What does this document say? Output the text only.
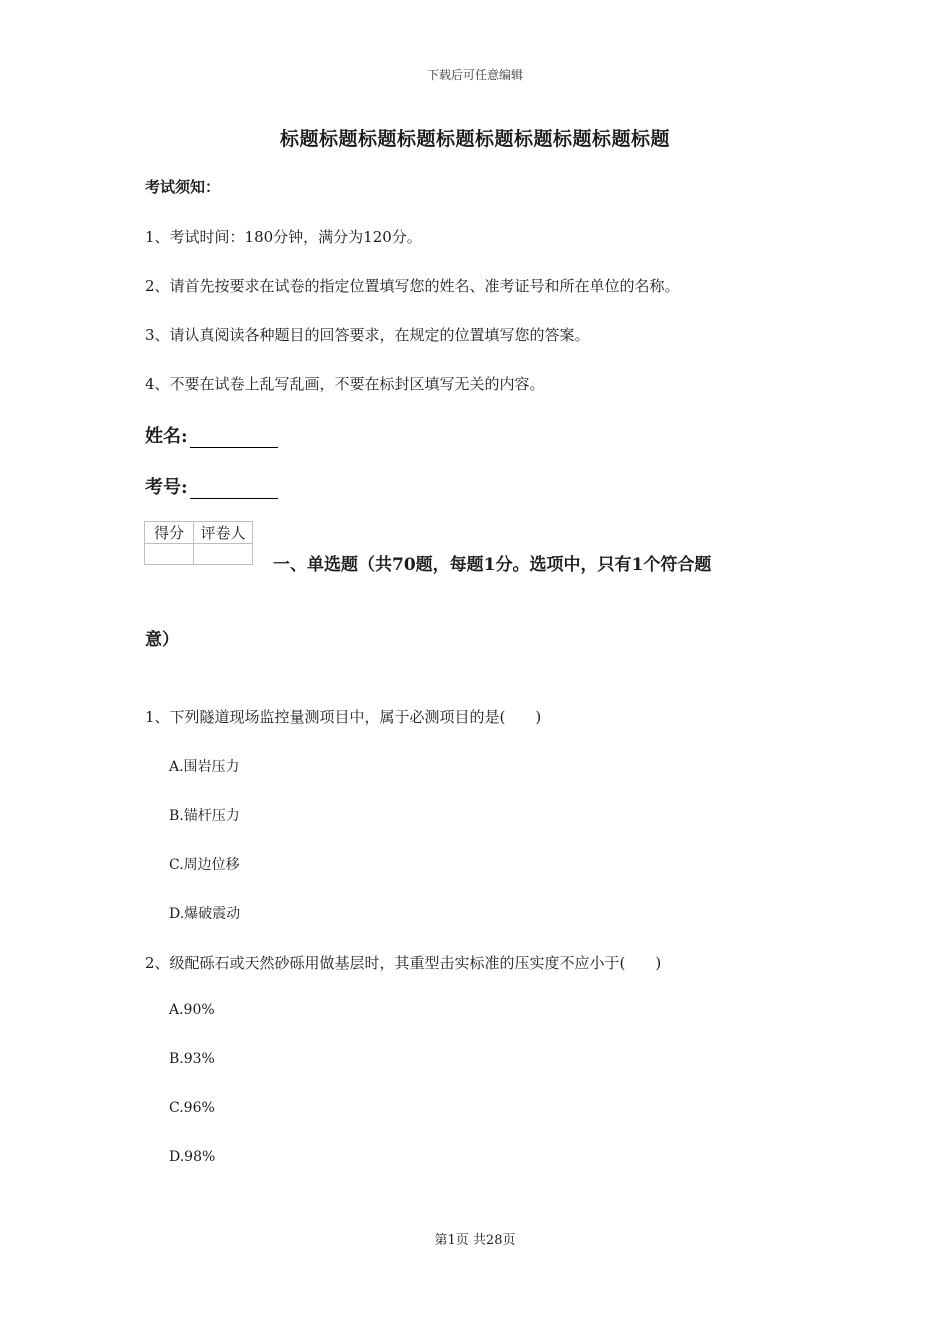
下载后可任意编辑
标题标题标题标题标题标题标题标题标题标题
考试须知：
1、考试时间：180分钟，满分为120分。
2、请首先按要求在试卷的指定位置填写您的姓名、准考证号和所在单位的名称。
3、请认真阅读各种题目的回答要求，在规定的位置填写您的答案。
4、不要在试卷上乱写乱画，不要在标封区填写无关的内容。
姓名:
考号:
得分	评卷人

一、单选题（共70题，每题1分。选项中，只有1个符合题
意）
1、下列隧道现场监控量测项目中，属于必测项目的是(　　)
A.围岩压力
B.锚杆压力
C.周边位移
D.爆破震动
2、级配砾石或天然砂砾用做基层时，其重型击实标准的压实度不应小于(　　)
A.90%
B.93%
C.96%
D.98%
第1页 共28页
